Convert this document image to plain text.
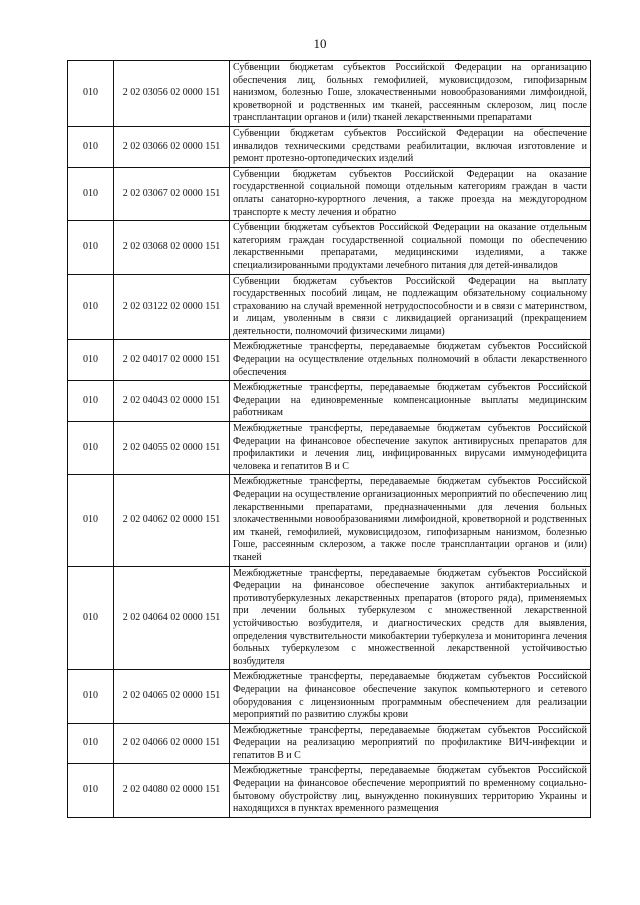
10
010	2 02 03056 02 0000 151	Субвенции бюджетам субъектов Российской Федерации на организацию обеспечения лиц, больных гемофилией, муковисцидозом, гипофизарным нанизмом, болезнью Гоше, злокачественными новообразованиями лимфоидной, кроветворной и родственных им тканей, рассеянным склерозом, лиц после трансплантации органов и (или) тканей лекарственными препаратами
010	2 02 03066 02 0000 151	Субвенции бюджетам субъектов Российской Федерации на обеспечение инвалидов техническими средствами реабилитации, включая изготовление и ремонт протезно-ортопедических изделий
010	2 02 03067 02 0000 151	Субвенции бюджетам субъектов Российской Федерации на оказание государственной социальной помощи отдельным категориям граждан в части оплаты санаторно-курортного лечения, а также проезда на междугородном транспорте к месту лечения и обратно
010	2 02 03068 02 0000 151	Субвенции бюджетам субъектов Российской Федерации на оказание отдельным категориям граждан государственной социальной помощи по обеспечению лекарственными препаратами, медицинскими изделиями, а также специализированными продуктами лечебного питания для детей-инвалидов
010	2 02 03122 02 0000 151	Субвенции бюджетам субъектов Российской Федерации на выплату государственных пособий лицам, не подлежащим обязательному социальному страхованию на случай временной нетрудоспособности и в связи с материнством, и лицам, уволенным в связи с ликвидацией организаций (прекращением деятельности, полномочий физическими лицами)
010	2 02 04017 02 0000 151	Межбюджетные трансферты, передаваемые бюджетам субъектов Российской Федерации на осуществление отдельных полномочий в области лекарственного обеспечения
010	2 02 04043 02 0000 151	Межбюджетные трансферты, передаваемые бюджетам субъектов Российской Федерации на единовременные компенсационные выплаты медицинским работникам
010	2 02 04055 02 0000 151	Межбюджетные трансферты, передаваемые бюджетам субъектов Российской Федерации на финансовое обеспечение закупок антивирусных препаратов для профилактики и лечения лиц, инфицированных вирусами иммунодефицита человека и гепатитов B и C
010	2 02 04062 02 0000 151	Межбюджетные трансферты, передаваемые бюджетам субъектов Российской Федерации на осуществление организационных мероприятий по обеспечению лиц лекарственными препаратами, предназначенными для лечения больных злокачественными новообразованиями лимфоидной, кроветворной и родственных им тканей, гемофилией, муковисцидозом, гипофизарным нанизмом, болезнью Гоше, рассеянным склерозом, а также после трансплантации органов и (или) тканей
010	2 02 04064 02 0000 151	Межбюджетные трансферты, передаваемые бюджетам субъектов Российской Федерации на финансовое обеспечение закупок антибактериальных и противотуберкулезных лекарственных препаратов (второго ряда), применяемых при лечении больных туберкулезом с множественной лекарственной устойчивостью возбудителя, и диагностических средств для выявления, определения чувствительности микобактерии туберкулеза и мониторинга лечения больных туберкулезом с множественной лекарственной устойчивостью возбудителя
010	2 02 04065 02 0000 151	Межбюджетные трансферты, передаваемые бюджетам субъектов Российской Федерации на финансовое обеспечение закупок компьютерного и сетевого оборудования с лицензионным программным обеспечением для реализации мероприятий по развитию службы крови
010	2 02 04066 02 0000 151	Межбюджетные трансферты, передаваемые бюджетам субъектов Российской Федерации на реализацию мероприятий по профилактике ВИЧ-инфекции и гепатитов B и C
010	2 02 04080 02 0000 151	Межбюджетные трансферты, передаваемые бюджетам субъектов Российской Федерации на финансовое обеспечение мероприятий по временному социально-бытовому обустройству лиц, вынужденно покинувших территорию Украины и находящихся в пунктах временного размещения
